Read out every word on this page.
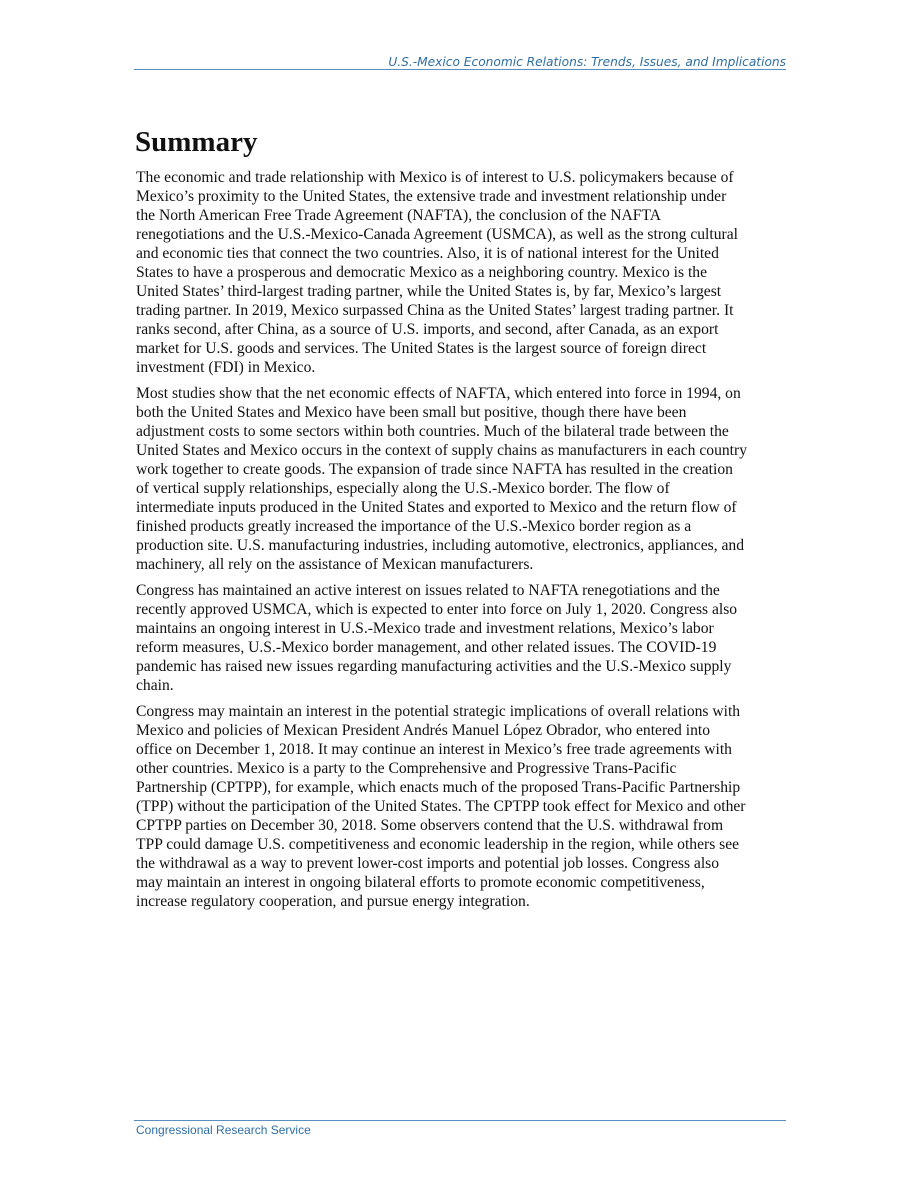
U.S.-Mexico Economic Relations: Trends, Issues, and Implications
Summary

The economic and trade relationship with Mexico is of interest to U.S. policymakers because of
Mexico’s proximity to the United States, the extensive trade and investment relationship under
the North American Free Trade Agreement (NAFTA), the conclusion of the NAFTA
renegotiations and the U.S.-Mexico-Canada Agreement (USMCA), as well as the strong cultural
and economic ties that connect the two countries. Also, it is of national interest for the United
States to have a prosperous and democratic Mexico as a neighboring country. Mexico is the
United States’ third-largest trading partner, while the United States is, by far, Mexico’s largest
trading partner. In 2019, Mexico surpassed China as the United States’ largest trading partner. It
ranks second, after China, as a source of U.S. imports, and second, after Canada, as an export
market for U.S. goods and services. The United States is the largest source of foreign direct
investment (FDI) in Mexico.

Most studies show that the net economic effects of NAFTA, which entered into force in 1994, on
both the United States and Mexico have been small but positive, though there have been
adjustment costs to some sectors within both countries. Much of the bilateral trade between the
United States and Mexico occurs in the context of supply chains as manufacturers in each country
work together to create goods. The expansion of trade since NAFTA has resulted in the creation
of vertical supply relationships, especially along the U.S.-Mexico border. The flow of
intermediate inputs produced in the United States and exported to Mexico and the return flow of
finished products greatly increased the importance of the U.S.-Mexico border region as a
production site. U.S. manufacturing industries, including automotive, electronics, appliances, and
machinery, all rely on the assistance of Mexican manufacturers.

Congress has maintained an active interest on issues related to NAFTA renegotiations and the
recently approved USMCA, which is expected to enter into force on July 1, 2020. Congress also
maintains an ongoing interest in U.S.-Mexico trade and investment relations, Mexico’s labor
reform measures, U.S.-Mexico border management, and other related issues. The COVID-19
pandemic has raised new issues regarding manufacturing activities and the U.S.-Mexico supply
chain.

Congress may maintain an interest in the potential strategic implications of overall relations with
Mexico and policies of Mexican President Andrés Manuel López Obrador, who entered into
office on December 1, 2018. It may continue an interest in Mexico’s free trade agreements with
other countries. Mexico is a party to the Comprehensive and Progressive Trans-Pacific
Partnership (CPTPP), for example, which enacts much of the proposed Trans-Pacific Partnership
(TPP) without the participation of the United States. The CPTPP took effect for Mexico and other
CPTPP parties on December 30, 2018. Some observers contend that the U.S. withdrawal from
TPP could damage U.S. competitiveness and economic leadership in the region, while others see
the withdrawal as a way to prevent lower-cost imports and potential job losses. Congress also
may maintain an interest in ongoing bilateral efforts to promote economic competitiveness,
increase regulatory cooperation, and pursue energy integration.

Congressional Research Service
